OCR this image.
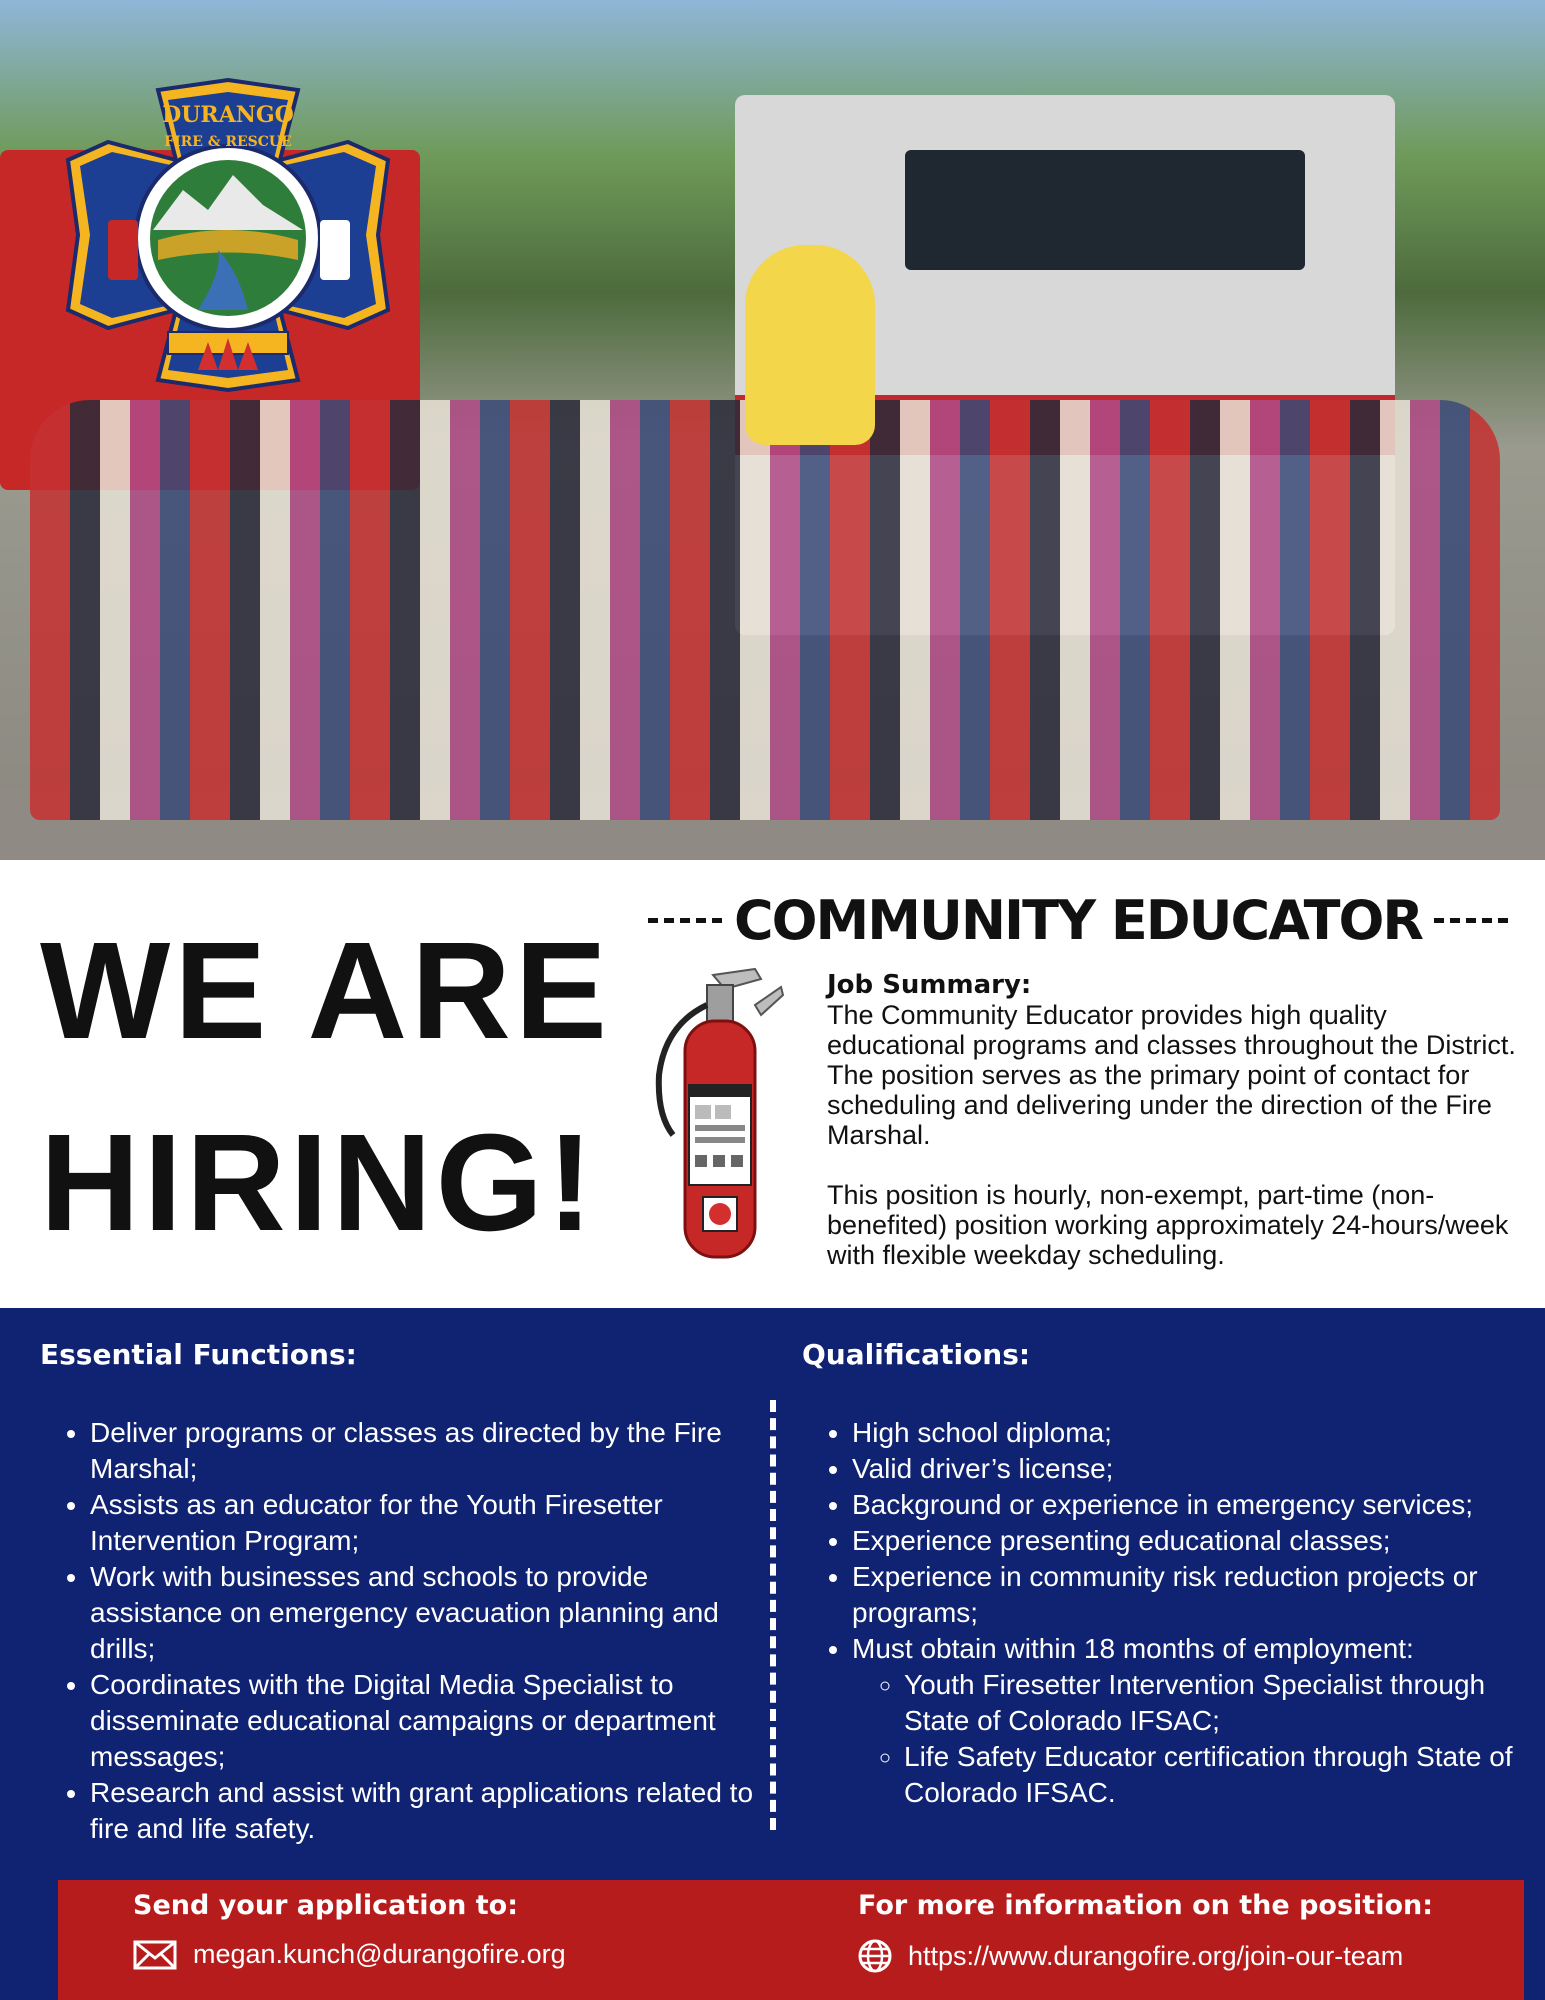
DURANGO
FIRE & RESCUE
WE ARE
HIRING!
COMMUNITY EDUCATOR

Job Summary:

The Community Educator provides high quality educational programs and classes throughout the District. The position serves as the primary point of contact for scheduling and delivering under the direction of the Fire Marshal.

This position is hourly, non-exempt, part-time (non-benefited) position working approximately 24-hours/week with flexible weekday scheduling.

Essential Functions:
• Deliver programs or classes as directed by the Fire Marshal;
• Assists as an educator for the Youth Firesetter Intervention Program;
• Work with businesses and schools to provide assistance on emergency evacuation planning and drills;
• Coordinates with the Digital Media Specialist to disseminate educational campaigns or department messages;
• Research and assist with grant applications related to fire and life safety.
Qualifications:
• High school diploma;
• Valid driver’s license;
• Background or experience in emergency services;
• Experience presenting educational classes;
• Experience in community risk reduction projects or programs;
• Must obtain within 18 months of employment:
◦ Youth Firesetter Intervention Specialist through State of Colorado IFSAC;
◦ Life Safety Educator certification through State of Colorado IFSAC.
Send your application to:
megan.kunch@durangofire.org
For more information on the position:
https://www.durangofire.org/join-our-team
